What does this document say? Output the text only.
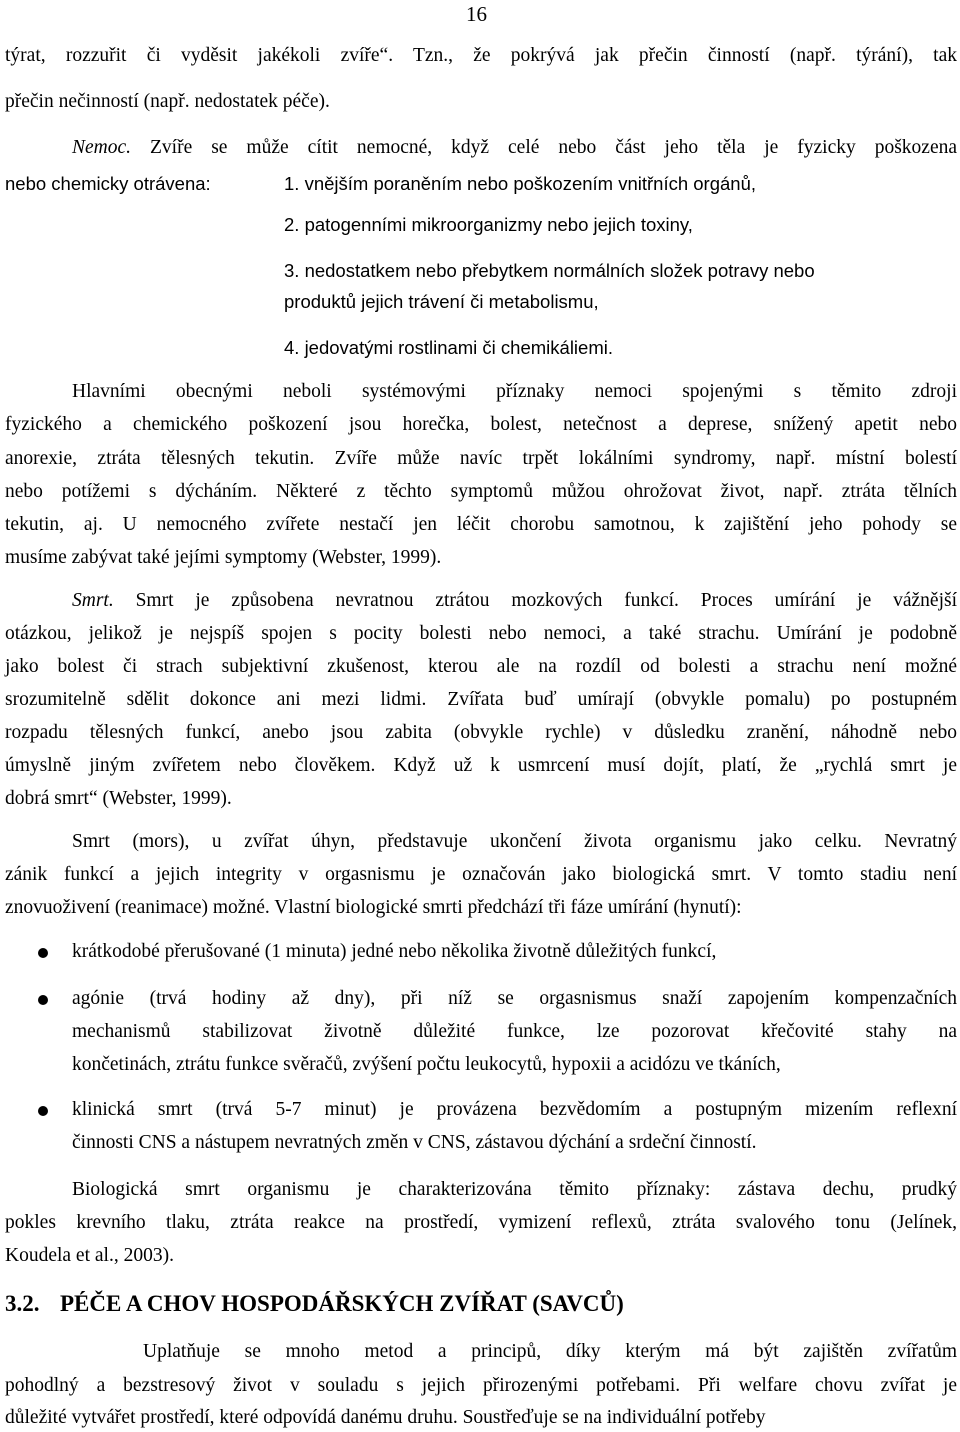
16
týrat, rozzuřit či vyděsit jakékoli zvíře“. Tzn., že pokrývá jak přečin činností (např. týrání), tak
přečin nečinností (např. nedostatek péče).
Nemoc. Zvíře se může cítit nemocné, když celé nebo část jeho těla je fyzicky poškozena
nebo chemicky otrávena:	1. vnějším poraněním nebo poškozením vnitřních orgánů,
2. patogenními mikroorganizmy nebo jejich toxiny,
3. nedostatkem nebo přebytkem normálních složek potravy nebo
produktů jejich trávení či metabolismu,
4. jedovatými rostlinami či chemikáliemi.
Hlavními obecnými neboli systémovými příznaky nemoci spojenými s těmito zdroji
fyzického a chemického poškození jsou horečka, bolest, netečnost a deprese, snížený apetit nebo
anorexie, ztráta tělesných tekutin. Zvíře může navíc trpět lokálními syndromy, např. místní bolestí
nebo potížemi s dýcháním. Některé z těchto symptomů můžou ohrožovat život, např. ztráta tělních
tekutin, aj. U nemocného zvířete nestačí jen léčit chorobu samotnou, k zajištění jeho pohody se
musíme zabývat také jejími symptomy (Webster, 1999).
Smrt. Smrt je způsobena nevratnou ztrátou mozkových funkcí. Proces umírání je vážnější
otázkou, jelikož je nejspíš spojen s pocity bolesti nebo nemoci, a také strachu. Umírání je podobně
jako bolest či strach subjektivní zkušenost, kterou ale na rozdíl od bolesti a strachu není možné
srozumitelně sdělit dokonce ani mezi lidmi. Zvířata buď umírají (obvykle pomalu) po postupném
rozpadu tělesných funkcí, anebo jsou zabita (obvykle rychle) v důsledku zranění, náhodně nebo
úmyslně jiným zvířetem nebo člověkem. Když už k usmrcení musí dojít, platí, že „rychlá smrt je
dobrá smrt“ (Webster, 1999).
Smrt (mors), u zvířat úhyn, představuje ukončení života organismu jako celku. Nevratný
zánik funkcí a jejich integrity v orgasnismu je označován jako biologická smrt. V tomto stadiu není
znovuoživení (reanimace) možné. Vlastní biologické smrti předchází tři fáze umírání (hynutí):
krátkodobé přerušované (1 minuta) jedné nebo několika životně důležitých funkcí,
agónie (trvá hodiny až dny), při níž se orgasnismus snaží zapojením kompenzačních
mechanismů stabilizovat životně důležité funkce, lze pozorovat křečovité stahy na
končetinách, ztrátu funkce svěračů, zvýšení počtu leukocytů, hypoxii a acidózu ve tkáních,
klinická smrt (trvá 5-7 minut) je provázena bezvědomím a postupným mizením reflexní
činnosti CNS a nástupem nevratných změn v CNS, zástavou dýchání a srdeční činností.
Biologická smrt organismu je charakterizována těmito příznaky: zástava dechu, prudký
pokles krevního tlaku, ztráta reakce na prostředí, vymizení reflexů, ztráta svalového tonu (Jelínek,
Koudela et al., 2003).
3.2. PÉČE A CHOV HOSPODÁŘSKÝCH ZVÍŘAT (SAVCŮ)
Uplatňuje se mnoho metod a principů, díky kterým má být zajištěn zvířatům
pohodlný a bezstresový život v souladu s jejich přirozenými potřebami. Při welfare chovu zvířat je
důležité vytvářet prostředí, které odpovídá danému druhu. Soustřeďuje se na individuální potřeby
